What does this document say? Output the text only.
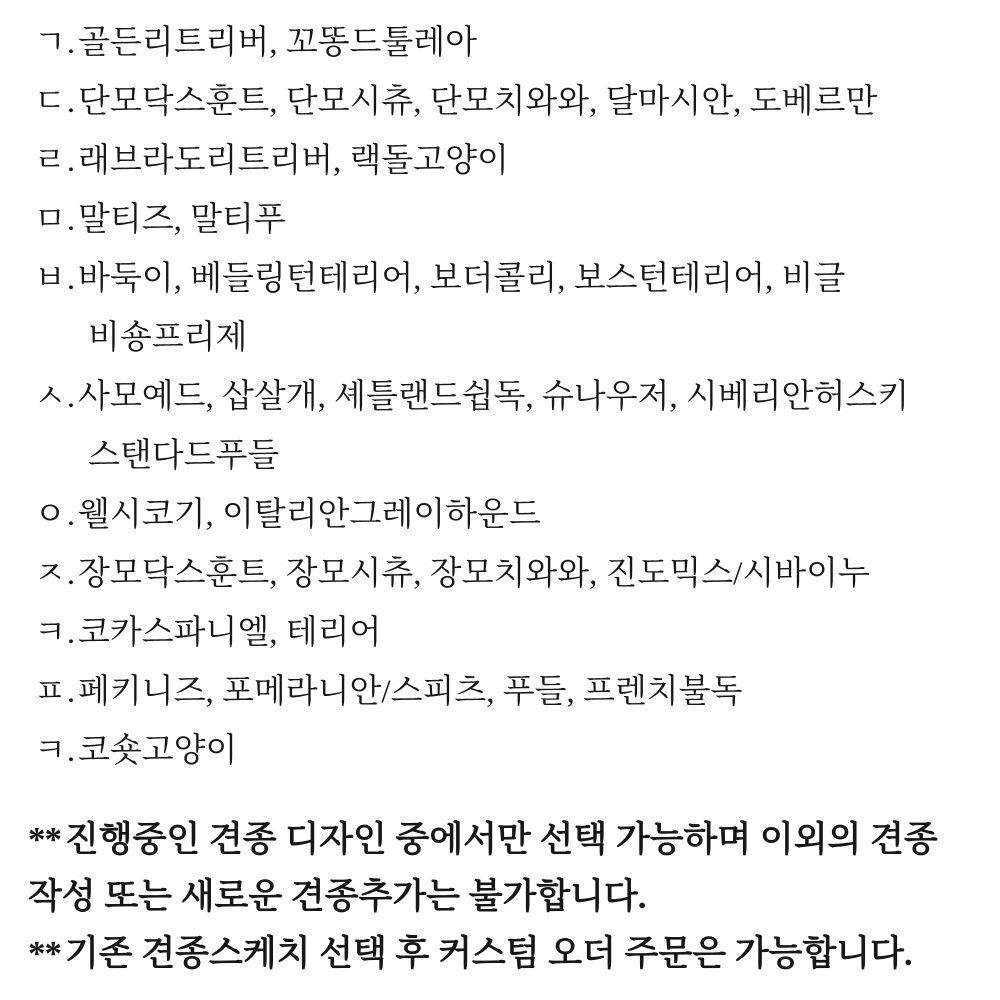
ㄱ. 골든리트리버, 꼬똥드툴레아
ㄷ. 단모닥스훈트, 단모시츄, 단모치와와, 달마시안, 도베르만
ㄹ. 래브라도리트리버, 랙돌고양이
ㅁ. 말티즈, 말티푸
ㅂ. 바둑이, 베들링턴테리어, 보더콜리, 보스턴테리어, 비글
비숑프리제
ㅅ. 사모예드, 삽살개, 셰틀랜드쉽독, 슈나우저, 시베리안허스키
스탠다드푸들
ㅇ. 웰시코기, 이탈리안그레이하운드
ㅈ. 장모닥스훈트, 장모시츄, 장모치와와, 진도믹스/시바이누
ㅋ. 코카스파니엘, 테리어
ㅍ. 페키니즈, 포메라니안/스피츠, 푸들, 프렌치불독
ㅋ. 코숏고양이
** 진행중인 견종 디자인 중에서만 선택 가능하며 이외의 견종
작성 또는 새로운 견종추가는 불가합니다.
** 기존 견종스케치 선택 후 커스텀 오더 주문은 가능합니다.
